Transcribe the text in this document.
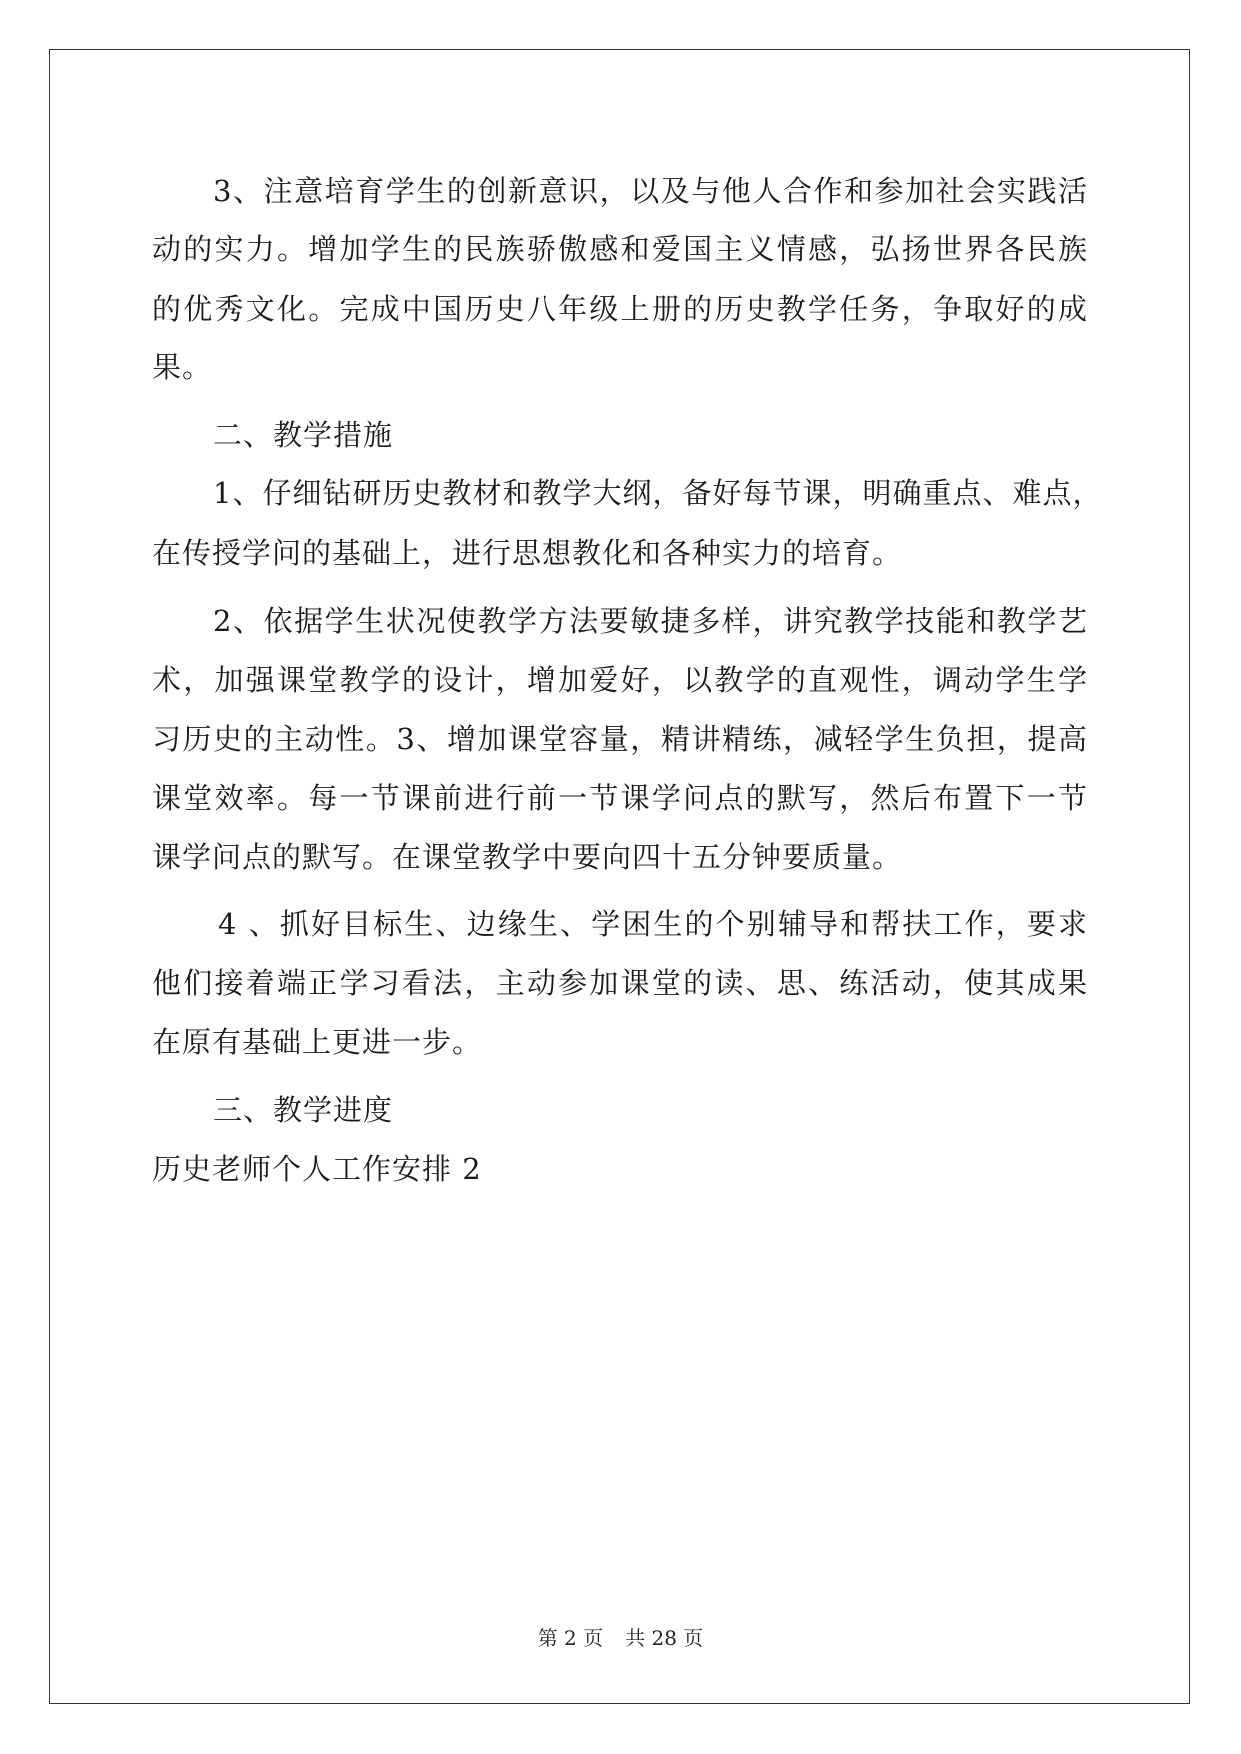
3、注意培育学生的创新意识，以及与他人合作和参加社会实践活
动的实力。增加学生的民族骄傲感和爱国主义情感，弘扬世界各民族
的优秀文化。完成中国历史八年级上册的历史教学任务，争取好的成
果。
二、教学措施
1、仔细钻研历史教材和教学大纲，备好每节课，明确重点、难点，
在传授学问的基础上，进行思想教化和各种实力的培育。
2、依据学生状况使教学方法要敏捷多样，讲究教学技能和教学艺
术，加强课堂教学的设计，增加爱好，以教学的直观性，调动学生学
习历史的主动性。3、增加课堂容量，精讲精练，减轻学生负担，提高
课堂效率。每一节课前进行前一节课学问点的默写，然后布置下一节
课学问点的默写。在课堂教学中要向四十五分钟要质量。
4 、抓好目标生、边缘生、学困生的个别辅导和帮扶工作，要求
他们接着端正学习看法，主动参加课堂的读、思、练活动，使其成果
在原有基础上更进一步。
三、教学进度
历史老师个人工作安排 2
第 2 页 共 28 页
